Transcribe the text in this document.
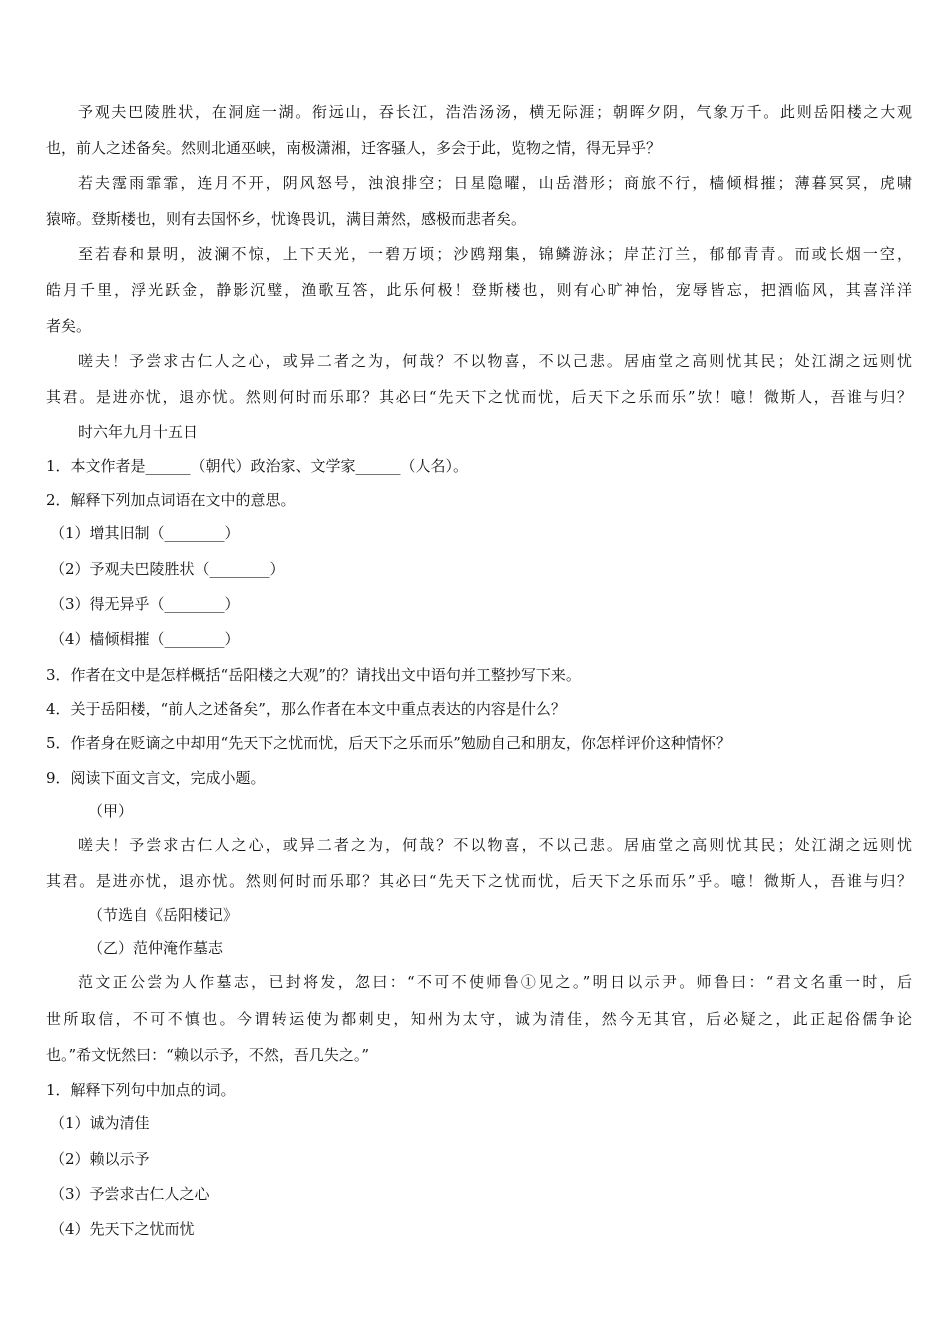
予观夫巴陵胜状，在洞庭一湖。衔远山，吞长江，浩浩汤汤，横无际涯；朝晖夕阴，气象万千。此则岳阳楼之大观
也，前人之述备矣。然则北通巫峡，南极潇湘，迁客骚人，多会于此，览物之情，得无异乎？
若夫霪雨霏霏，连月不开，阴风怒号，浊浪排空；日星隐曜，山岳潜形；商旅不行，樯倾楫摧；薄暮冥冥，虎啸
猿啼。登斯楼也，则有去国怀乡，忧谗畏讥，满目萧然，感极而悲者矣。
至若春和景明，波澜不惊，上下天光，一碧万顷；沙鸥翔集，锦鳞游泳；岸芷汀兰，郁郁青青。而或长烟一空，
皓月千里，浮光跃金，静影沉璧，渔歌互答，此乐何极！登斯楼也，则有心旷神怡，宠辱皆忘，把酒临风，其喜洋洋
者矣。
嗟夫！予尝求古仁人之心，或异二者之为，何哉？不以物喜，不以己悲。居庙堂之高则忧其民；处江湖之远则忧
其君。是进亦忧，退亦忧。然则何时而乐耶？其必曰“先天下之忧而忧，后天下之乐而乐”欤！噫！微斯人，吾谁与归？
时六年九月十五日
1．本文作者是______（朝代）政治家、文学家______（人名）。
2．解释下列加点词语在文中的意思。
（1）增其旧制（________）
（2）予观夫巴陵胜状（________）
（3）得无异乎（________）
（4）樯倾楫摧（________）
3．作者在文中是怎样概括“岳阳楼之大观”的？请找出文中语句并工整抄写下来。
4．关于岳阳楼，“前人之述备矣”，那么作者在本文中重点表达的内容是什么？
5．作者身在贬谪之中却用“先天下之忧而忧，后天下之乐而乐”勉励自己和朋友，你怎样评价这种情怀？
9．阅读下面文言文，完成小题。
（甲）
嗟夫！予尝求古仁人之心，或异二者之为，何哉？不以物喜，不以己悲。居庙堂之高则忧其民；处江湖之远则忧
其君。是进亦忧，退亦忧。然则何时而乐耶？其必曰“先天下之忧而忧，后天下之乐而乐”乎。噫！微斯人，吾谁与归？
（节选自《岳阳楼记》
（乙）范仲淹作墓志
范文正公尝为人作墓志，已封将发，忽曰：“不可不使师鲁①见之。”明日以示尹。师鲁曰：“君文名重一时，后
世所取信，不可不慎也。今谓转运使为都刺史，知州为太守，诚为清佳，然今无其官，后必疑之，此正起俗儒争论
也。”希文怃然曰：“赖以示予，不然，吾几失之。”
1．解释下列句中加点的词。
（1）诚为清佳
（2）赖以示予
（3）予尝求古仁人之心
（4）先天下之忧而忧
